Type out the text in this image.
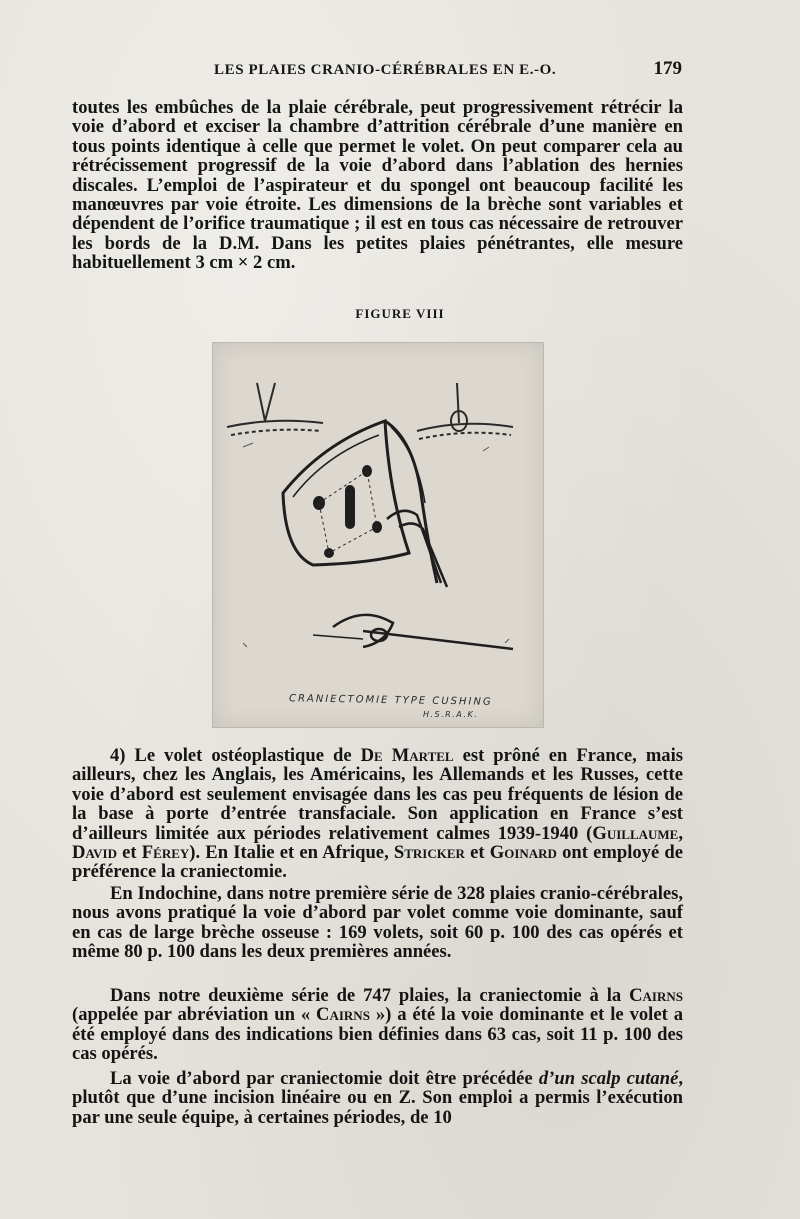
LES PLAIES CRANIO-CÉRÉBRALES EN E.-O.	179

toutes les embûches de la plaie cérébrale, peut progressivement rétrécir la voie d’abord et exciser la chambre d’attrition cérébrale d’une manière en tous points identique à celle que permet le volet. On peut comparer cela au rétrécissement progressif de la voie d’abord dans l’ablation des hernies discales. L’emploi de l’aspirateur et du spongel ont beaucoup facilité les manœuvres par voie étroite. Les dimensions de la brèche sont variables et dépendent de l’orifice traumatique ; il est en tous cas nécessaire de retrouver les bords de la D.M. Dans les petites plaies pénétrantes, elle mesure habituellement 3 cm × 2 cm.

FIGURE VIII
CRANIECTOMIE TYPE CUSHING
H.S.R.A.K.

4) Le volet ostéoplastique de De Martel est prôné en France, mais ailleurs, chez les Anglais, les Américains, les Allemands et les Russes, cette voie d’abord est seulement envisagée dans les cas peu fréquents de lésion de la base à porte d’entrée transfaciale. Son application en France s’est d’ailleurs limitée aux périodes relativement calmes 1939-1940 (Guillaume, David et Férey). En Italie et en Afrique, Stricker et Goinard ont employé de préférence la craniectomie.

En Indochine, dans notre première série de 328 plaies cranio-cérébrales, nous avons pratiqué la voie d’abord par volet comme voie dominante, sauf en cas de large brèche osseuse : 169 volets, soit 60 p. 100 des cas opérés et même 80 p. 100 dans les deux premières années.

Dans notre deuxième série de 747 plaies, la craniectomie à la Cairns (appelée par abréviation un « Cairns ») a été la voie dominante et le volet a été employé dans des indications bien définies dans 63 cas, soit 11 p. 100 des cas opérés.

La voie d’abord par craniectomie doit être précédée d’un scalp cutané, plutôt que d’une incision linéaire ou en Z. Son emploi a permis l’exécution par une seule équipe, à certaines périodes, de 10
